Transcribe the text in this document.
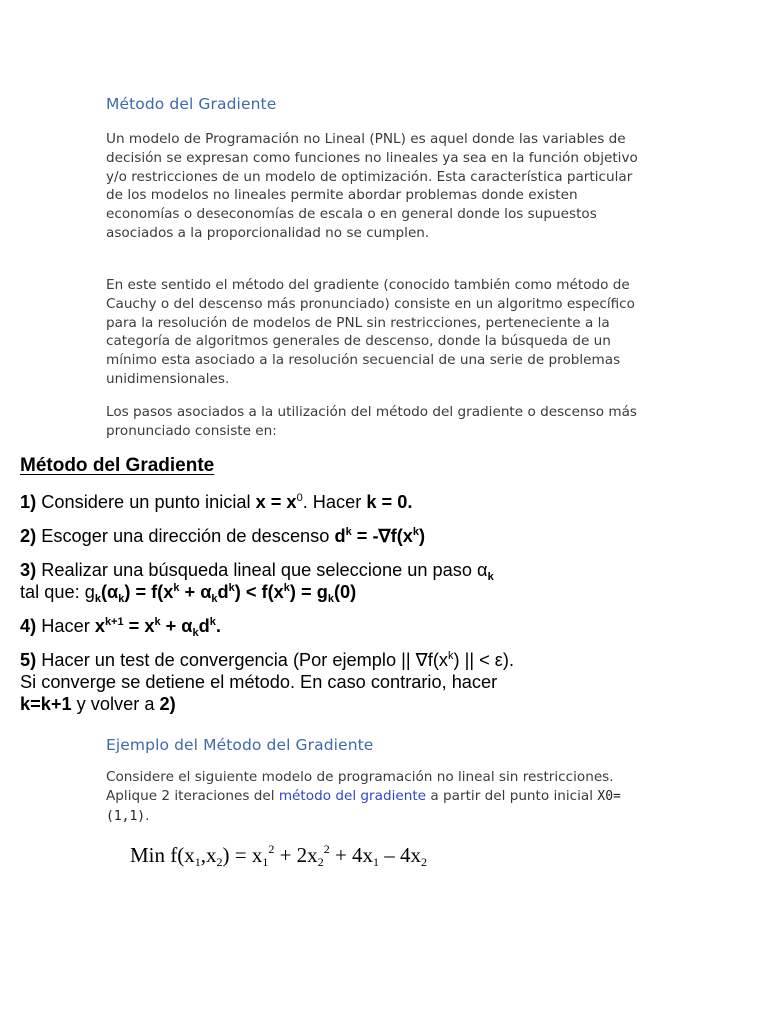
Método del Gradiente

Un modelo de Programación no Lineal (PNL) es aquel donde las variables de decisión se expresan como funciones no lineales ya sea en la función objetivo y/o restricciones de un modelo de optimización. Esta característica particular de los modelos no lineales permite abordar problemas donde existen economías o deseconomías de escala o en general donde los supuestos asociados a la proporcionalidad no se cumplen.

En este sentido el método del gradiente (conocido también como método de Cauchy o del descenso más pronunciado) consiste en un algoritmo específico para la resolución de modelos de PNL sin restricciones, perteneciente a la categoría de algoritmos generales de descenso, donde la búsqueda de un mínimo esta asociado a la resolución secuencial de una serie de problemas unidimensionales.

Los pasos asociados a la utilización del método del gradiente o descenso más pronunciado consiste en:

Método del Gradiente
1) Considere un punto inicial $x = x^0$. Hacer k = 0.
2) Escoger una dirección de descenso $d^k = -\nabla f(x^k)$
3) Realizar una búsqueda lineal que seleccione un paso $\alpha_k$
tal que: $g_k(\alpha_k) = f(x^k + \alpha_kd^k) < f(x^k) = g_k(0)$
4) Hacer $x^{k+1} = x^k + \alpha_kd^k$.
5) Hacer un test de convergencia (Por ejemplo || $\nabla f(x^k)$ || < ε).
Si converge se detiene el método. En caso contrario, hacer
k=k+1 y volver a 2)
Ejemplo del Método del Gradiente

Considere el siguiente modelo de programación no lineal sin restricciones. Aplique 2 iteraciones del método del gradiente a partir del punto inicial X0=(1,1).

Min $f(x_1,x_2) = x_1^2 + 2x_2^2 + 4x_1 - 4x_2$
